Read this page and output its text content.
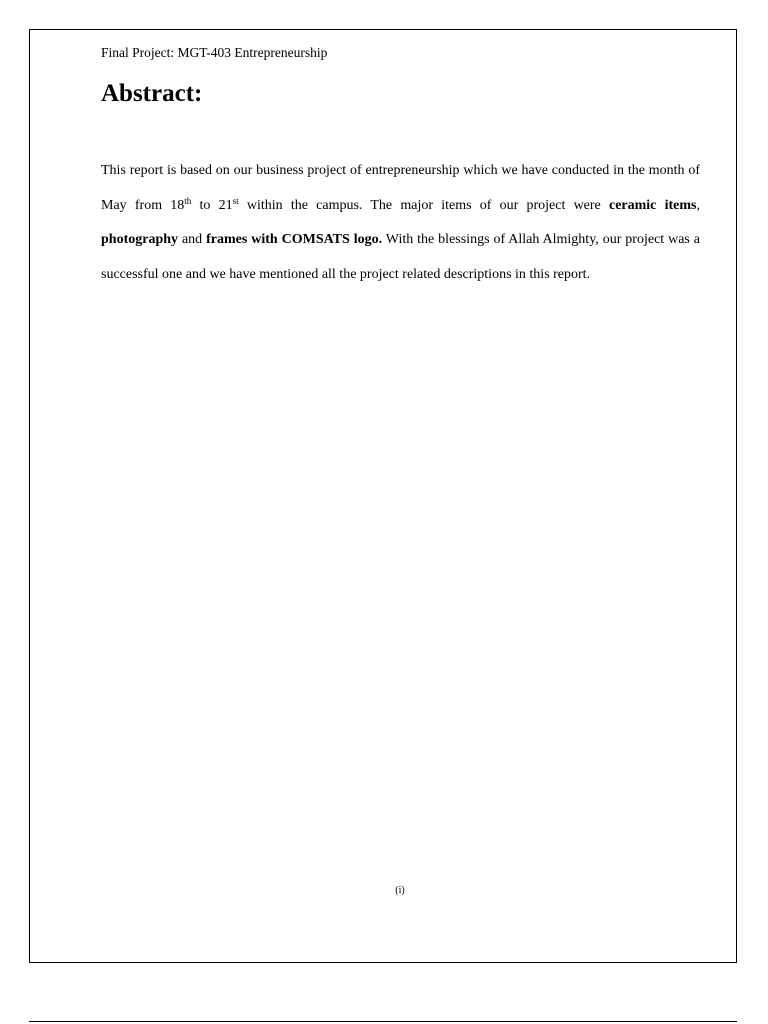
Final Project: MGT-403 Entrepreneurship
Abstract:

This report is based on our business project of entrepreneurship which we have conducted in the month of May from 18th to 21st within the campus. The major items of our project were ceramic items, photography and frames with COMSATS logo. With the blessings of Allah Almighty, our project was a successful one and we have mentioned all the project related descriptions in this report.

(i)
